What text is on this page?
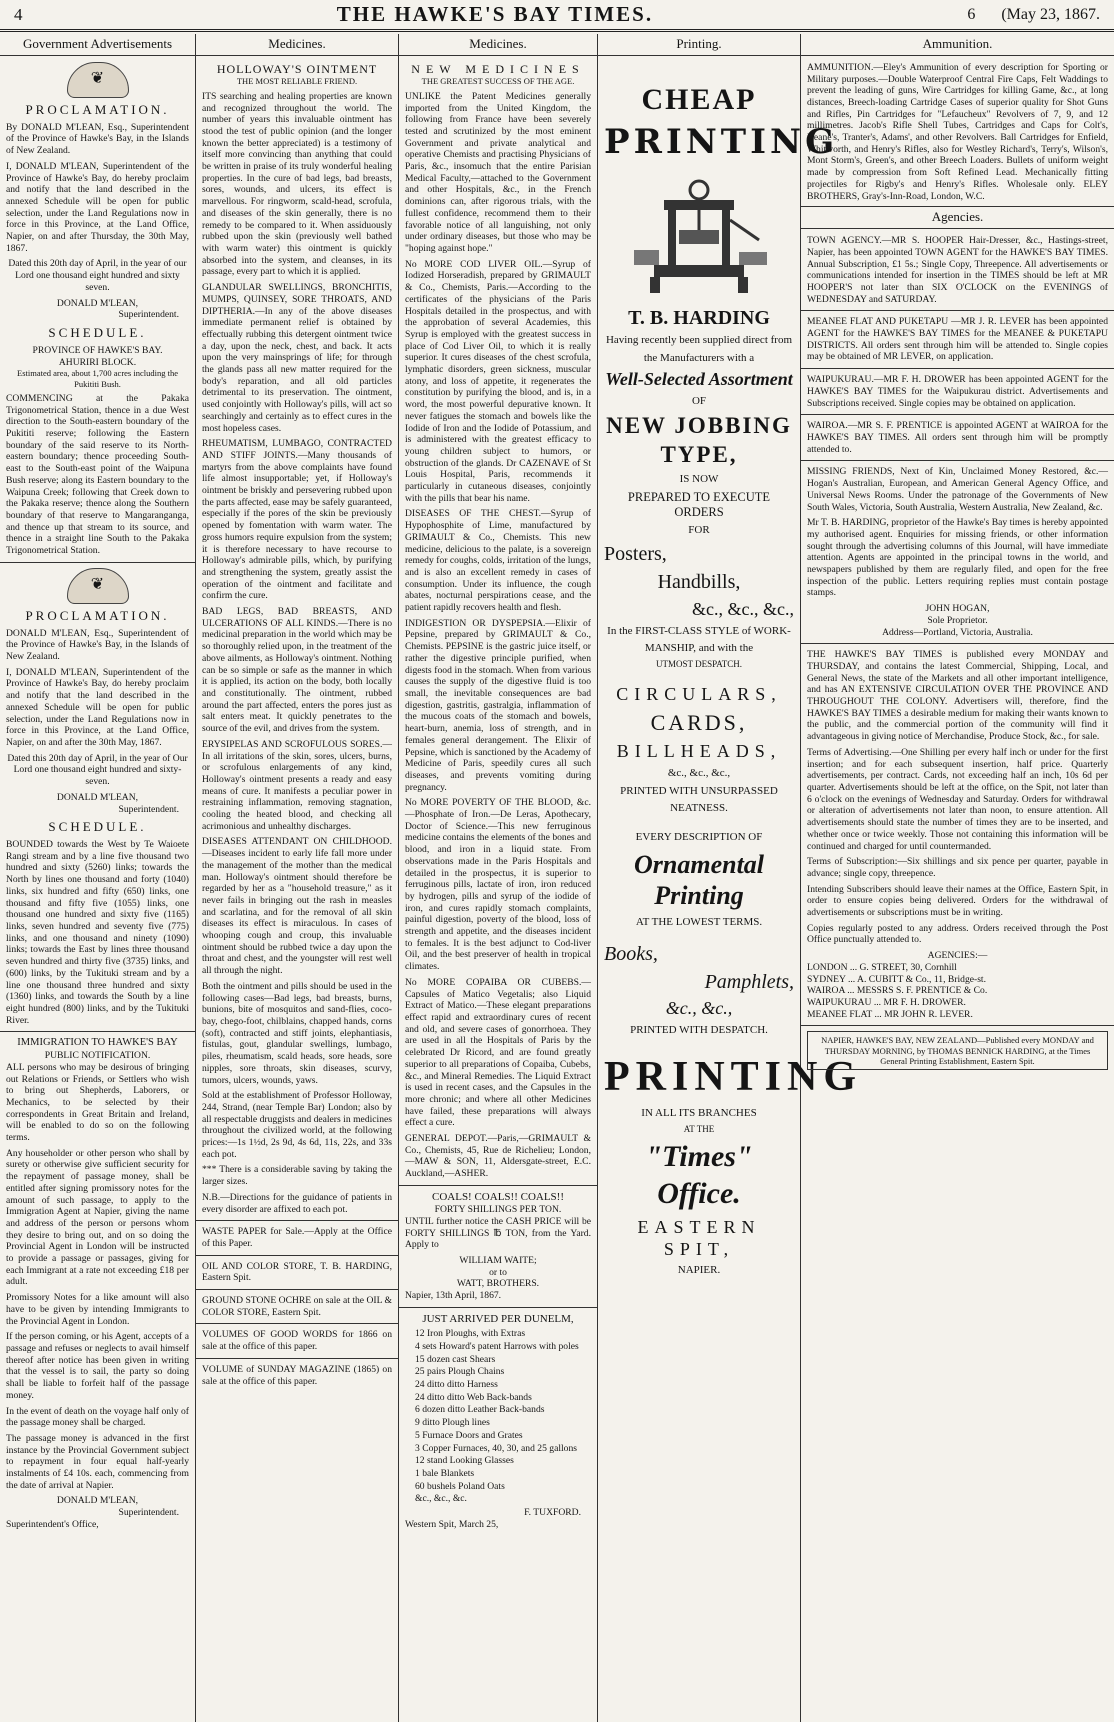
4	THE HAWKE'S BAY TIMES.	6 (May 23, 1867.
Government Advertisements
❦
PROCLAMATION.

By DONALD M'LEAN, Esq., Superintendent of the Province of Hawke's Bay, in the Islands of New Zealand.

I, DONALD M'LEAN, Superintendent of the Province of Hawke's Bay, do hereby proclaim and notify that the land described in the annexed Schedule will be open for public selection, under the Land Regulations now in force in this Province, at the Land Office, Napier, on and after Thursday, the 30th May, 1867.

Dated this 20th day of April, in the year of our Lord one thousand eight hundred and sixty seven.

DONALD M'LEAN,
Superintendent.
SCHEDULE.
PROVINCE OF HAWKE'S BAY.
AHURIRI BLOCK.

Estimated area, about 1,700 acres including the Pukititi Bush.

COMMENCING at the Pakaka Trigonometrical Station, thence in a due West direction to the South-eastern boundary of the Pukititi reserve; following the Eastern boundary of the said reserve to its North-eastern boundary; thence proceeding South-east to the South-east point of the Waipuna Bush reserve; along its Eastern boundary to the Waipuna Creek; following that Creek down to the Pakaka reserve; thence along the Southern boundary of that reserve to Mangaranganga, and thence up that stream to its source, and thence in a straight line South to the Pakaka Trigonometrical Station.

❦
PROCLAMATION.

DONALD M'LEAN, Esq., Superintendent of the Province of Hawke's Bay, in the Islands of New Zealand.

I, DONALD M'LEAN, Superintendent of the Province of Hawke's Bay, do hereby proclaim and notify that the land described in the annexed Schedule will be open for public selection, under the Land Regulations now in force in this Province, at the Land Office, Napier, on and after the 30th May, 1867.

Dated this 20th day of April, in the year of Our Lord one thousand eight hundred and sixty-seven.

DONALD M'LEAN,
Superintendent.
SCHEDULE.

BOUNDED towards the West by Te Waioete Rangi stream and by a line five thousand two hundred and sixty (5260) links; towards the North by lines one thousand and forty (1040) links, six hundred and fifty (650) links, one thousand and fifty five (1055) links, one thousand one hundred and sixty five (1165) links, seven hundred and seventy five (775) links, and one thousand and ninety (1090) links; towards the East by lines three thousand seven hundred and thirty five (3735) links, and (600) links, by the Tukituki stream and by a line one thousand three hundred and sixty (1360) links, and towards the South by a line eight hundred (800) links, and by the Tukituki River.

IMMIGRATION TO HAWKE'S BAY
PUBLIC NOTIFICATION.

ALL persons who may be desirous of bringing out Relations or Friends, or Settlers who wish to bring out Shepherds, Laborers, or Mechanics, to be selected by their correspondents in Great Britain and Ireland, will be enabled to do so on the following terms.

Any householder or other person who shall by surety or otherwise give sufficient security for the repayment of passage money, shall be entitled after signing promissory notes for the amount of such passage, to apply to the Immigration Agent at Napier, giving the name and address of the person or persons whom they desire to bring out, and on so doing the Provincial Agent in London will be instructed to provide a passage or passages, giving for each Immigrant at a rate not exceeding £18 per adult.

Promissory Notes for a like amount will also have to be given by intending Immigrants to the Provincial Agent in London.

If the person coming, or his Agent, accepts of a passage and refuses or neglects to avail himself thereof after notice has been given in writing that the vessel is to sail, the party so doing shall be liable to forfeit half of the passage money.

In the event of death on the voyage half only of the passage money shall be charged.

The passage money is advanced in the first instance by the Provincial Government subject to repayment in four equal half-yearly instalments of £4 10s. each, commencing from the date of arrival at Napier.

DONALD M'LEAN,
Superintendent.
Superintendent's Office,
Medicines.
HOLLOWAY'S OINTMENT
THE MOST RELIABLE FRIEND.

ITS searching and healing properties are known and recognized throughout the world. The number of years this invaluable ointment has stood the test of public opinion (and the longer known the better appreciated) is a testimony of itself more convincing than anything that could be written in praise of its truly wonderful healing properties. In the cure of bad legs, bad breasts, sores, wounds, and ulcers, its effect is marvellous. For ringworm, scald-head, scrofula, and diseases of the skin generally, there is no remedy to be compared to it. When assiduously rubbed upon the skin (previously well bathed with warm water) this ointment is quickly absorbed into the system, and cleanses, in its passage, every part to which it is applied.

GLANDULAR SWELLINGS, BRONCHITIS, MUMPS, QUINSEY, SORE THROATS, AND DIPTHERIA.—In any of the above diseases immediate permanent relief is obtained by effectually rubbing this detergent ointment twice a day, upon the neck, chest, and back. It acts upon the very mainsprings of life; for through the glands pass all new matter required for the body's reparation, and all old particles detrimental to its preservation. The ointment, used conjointly with Holloway's pills, will act so searchingly and certainly as to effect cures in the most hopeless cases.

RHEUMATISM, LUMBAGO, CONTRACTED AND STIFF JOINTS.—Many thousands of martyrs from the above complaints have found life almost insupportable; yet, if Holloway's ointment be briskly and persevering rubbed upon the parts affected, ease may be safely guaranteed, especially if the pores of the skin be previously opened by fomentation with warm water. The gross humors require expulsion from the system; it is therefore necessary to have recourse to Holloway's admirable pills, which, by purifying and strengthening the system, greatly assist the operation of the ointment and facilitate and confirm the cure.

BAD LEGS, BAD BREASTS, AND ULCERATIONS OF ALL KINDS.—There is no medicinal preparation in the world which may be so thoroughly relied upon, in the treatment of the above ailments, as Holloway's ointment. Nothing can be so simple or safe as the manner in which it is applied, its action on the body, both locally and constitutionally. The ointment, rubbed around the part affected, enters the pores just as salt enters meat. It quickly penetrates to the source of the evil, and drives from the system.

ERYSIPELAS AND SCROFULOUS SORES.—In all irritations of the skin, sores, ulcers, burns, or scrofulous enlargements of any kind, Holloway's ointment presents a ready and easy means of cure. It manifests a peculiar power in restraining inflammation, removing stagnation, cooling the heated blood, and checking all acrimonious and unhealthy discharges.

DISEASES ATTENDANT ON CHILDHOOD.—Diseases incident to early life fall more under the management of the mother than the medical man. Holloway's ointment should therefore be regarded by her as a "household treasure," as it never fails in bringing out the rash in measles and scarlatina, and for the removal of all skin diseases its effect is miraculous. In cases of whooping cough and croup, this invaluable ointment should be rubbed twice a day upon the throat and chest, and the youngster will rest well all through the night.

Both the ointment and pills should be used in the following cases—Bad legs, bad breasts, burns, bunions, bite of mosquitos and sand-flies, coco-bay, chego-foot, chilblains, chapped hands, corns (soft), contracted and stiff joints, elephantiasis, fistulas, gout, glandular swellings, lumbago, piles, rheumatism, scald heads, sore heads, sore nipples, sore throats, skin diseases, scurvy, tumors, ulcers, wounds, yaws.

Sold at the establishment of Professor Holloway, 244, Strand, (near Temple Bar) London; also by all respectable druggists and dealers in medicines throughout the civilized world, at the following prices:—1s 1½d, 2s 9d, 4s 6d, 11s, 22s, and 33s each pot.

*** There is a considerable saving by taking the larger sizes.

N.B.—Directions for the guidance of patients in every disorder are affixed to each pot.

WASTE PAPER for Sale.—Apply at the Office of this Paper.

OIL AND COLOR STORE, T. B. HARDING, Eastern Spit.

GROUND STONE OCHRE on sale at the OIL & COLOR STORE, Eastern Spit.

VOLUMES OF GOOD WORDS for 1866 on sale at the office of this paper.

VOLUME of SUNDAY MAGAZINE (1865) on sale at the office of this paper.

Medicines.
NEW MEDICINES
THE GREATEST SUCCESS OF THE AGE.

UNLIKE the Patent Medicines generally imported from the United Kingdom, the following from France have been severely tested and scrutinized by the most eminent Government and private analytical and operative Chemists and practising Physicians of Paris, &c., insomuch that the entire Parisian Medical Faculty,—attached to the Government and other Hospitals, &c., in the French dominions can, after rigorous trials, with the fullest confidence, recommend them to their favorable notice of all languishing, not only under ordinary diseases, but those who may be "hoping against hope."

No MORE COD LIVER OIL.—Syrup of Iodized Horseradish, prepared by GRIMAULT & Co., Chemists, Paris.—According to the certificates of the physicians of the Paris Hospitals detailed in the prospectus, and with the approbation of several Academies, this Syrup is employed with the greatest success in place of Cod Liver Oil, to which it is really superior. It cures diseases of the chest scrofula, lymphatic disorders, green sickness, muscular atony, and loss of appetite, it regenerates the constitution by purifying the blood, and is, in a word, the most powerful depurative known. It never fatigues the stomach and bowels like the Iodide of Iron and the Iodide of Potassium, and is administered with the greatest efficacy to young children subject to humors, or obstruction of the glands. Dr CAZENAVE of St Louis Hospital, Paris, recommends it particularly in cutaneous diseases, conjointly with the pills that bear his name.

DISEASES OF THE CHEST.—Syrup of Hypophosphite of Lime, manufactured by GRIMAULT & Co., Chemists. This new medicine, delicious to the palate, is a sovereign remedy for coughs, colds, irritation of the lungs, and is also an excellent remedy in cases of consumption. Under its influence, the cough abates, nocturnal perspirations cease, and the patient rapidly recovers health and flesh.

INDIGESTION OR DYSPEPSIA.—Elixir of Pepsine, prepared by GRIMAULT & Co., Chemists. PEPSINE is the gastric juice itself, or rather the digestive principle purified, when digests food in the stomach. When from various causes the supply of the digestive fluid is too small, the inevitable consequences are bad digestion, gastritis, gastralgia, inflammation of the mucous coats of the stomach and bowels, heart-burn, anemia, loss of strength, and in females general derangement. The Elixir of Pepsine, which is sanctioned by the Academy of Medicine of Paris, speedily cures all such diseases, and prevents vomiting during pregnancy.

No MORE POVERTY OF THE BLOOD, &c.—Phosphate of Iron.—De Leras, Apothecary, Doctor of Science.—This new ferruginous medicine contains the elements of the bones and blood, and iron in a liquid state. From observations made in the Paris Hospitals and detailed in the prospectus, it is superior to ferruginous pills, lactate of iron, iron reduced by hydrogen, pills and syrup of the iodide of iron, and cures rapidly stomach complaints, painful digestion, poverty of the blood, loss of strength and appetite, and the diseases incident to females. It is the best adjunct to Cod-liver Oil, and the best preserver of health in tropical climates.

No MORE COPAIBA OR CUBEBS.—Capsules of Matico Vegetalis; also Liquid Extract of Matico.—These elegant preparations effect rapid and extraordinary cures of recent and old, and severe cases of gonorrhoea. They are used in all the Hospitals of Paris by the celebrated Dr Ricord, and are found greatly superior to all preparations of Copaiba, Cubebs, &c., and Mineral Remedies. The Liquid Extract is used in recent cases, and the Capsules in the more chronic; and where all other Medicines have failed, these preparations will always effect a cure.

GENERAL DEPOT.—Paris,—GRIMAULT & Co., Chemists, 45, Rue de Richelieu; London,—MAW & SON, 11, Aldersgate-street, E.C. Auckland,—ASHER.

COALS! COALS!! COALS!!
FORTY SHILLINGS PER TON.

UNTIL further notice the CASH PRICE will be FORTY SHILLINGS ℔ TON, from the Yard. Apply to

WILLIAM WAITE;
or to
WATT, BROTHERS.
Napier, 13th April, 1867.
JUST ARRIVED PER DUNELM,
12 Iron Ploughs, with Extras
4 sets Howard's patent Harrows with poles
15 dozen cast Shears
25 pairs Plough Chains
24 ditto ditto Harness
24 ditto ditto Web Back-bands
6 dozen ditto Leather Back-bands
9 ditto Plough lines
5 Furnace Doors and Grates
3 Copper Furnaces, 40, 30, and 25 gallons
12 stand Looking Glasses
1 bale Blankets
60 bushels Poland Oats
&c., &c., &c.
F. TUXFORD.
Western Spit, March 25,
Printing.
CHEAP
PRINTING
T. B. HARDING
Having recently been supplied direct from
the Manufacturers with a
Well-Selected Assortment
OF
NEW JOBBING TYPE,
IS NOW
PREPARED TO EXECUTE ORDERS
FOR
Posters,
Handbills,
&c., &c., &c.,
In the FIRST-CLASS STYLE of WORK-
MANSHIP, and with the
UTMOST DESPATCH.
CIRCULARS,
CARDS,
BILLHEADS,
&c., &c., &c.,
PRINTED WITH UNSURPASSED
NEATNESS.
EVERY DESCRIPTION OF
Ornamental Printing
AT THE LOWEST TERMS.
Books,
Pamphlets,
&c., &c.,
PRINTED WITH DESPATCH.
PRINTING
IN ALL ITS BRANCHES
AT THE
"Times" Office.
EASTERN SPIT,
NAPIER.
Ammunition.

AMMUNITION.—Eley's Ammunition of every description for Sporting or Military purposes.—Double Waterproof Central Fire Caps, Felt Waddings to prevent the leading of guns, Wire Cartridges for killing Game, &c., at long distances, Breech-loading Cartridge Cases of superior quality for Shot Guns and Rifles, Pin Cartridges for "Lefaucheux" Revolvers of 7, 9, and 12 millimetres. Jacob's Rifle Shell Tubes, Cartridges and Caps for Colt's, Deane's, Tranter's, Adams', and other Revolvers. Ball Cartridges for Enfield, Whitworth, and Henry's Rifles, also for Westley Richard's, Terry's, Wilson's, Mont Storm's, Green's, and other Breech Loaders. Bullets of uniform weight made by compression from Soft Refined Lead. Mechanically fitting projectiles for Rigby's and Henry's Rifles. Wholesale only. ELEY BROTHERS, Gray's-Inn-Road, London, W.C.

Agencies.

TOWN AGENCY.—MR S. HOOPER Hair-Dresser, &c., Hastings-street, Napier, has been appointed TOWN AGENT for the HAWKE'S BAY TIMES. Annual Subscription, £1 5s.; Single Copy, Threepence. All advertisements or communications intended for insertion in the TIMES should be left at MR HOOPER'S not later than SIX O'CLOCK on the EVENINGS of WEDNESDAY and SATURDAY.

MEANEE FLAT AND PUKETAPU —MR J. R. LEVER has been appointed AGENT for the HAWKE'S BAY TIMES for the MEANEE & PUKETAPU DISTRICTS. All orders sent through him will be attended to. Single copies may be obtained of MR LEVER, on application.

WAIPUKURAU.—MR F. H. DROWER has been appointed AGENT for the HAWKE'S BAY TIMES for the Waipukurau district. Advertisements and Subscriptions received. Single copies may be obtained on application.

WAIROA.—MR S. F. PRENTICE is appointed AGENT at WAIROA for the HAWKE'S BAY TIMES. All orders sent through him will be promptly attended to.

MISSING FRIENDS, Next of Kin, Unclaimed Money Restored, &c.—Hogan's Australian, European, and American General Agency Office, and Universal News Rooms. Under the patronage of the Governments of New South Wales, Victoria, South Australia, Western Australia, New Zealand, &c.

Mr T. B. HARDING, proprietor of the Hawke's Bay times is hereby appointed my authorised agent. Enquiries for missing friends, or other information sought through the advertising columns of this Journal, will have immediate attention. Agents are appointed in the principal towns in the world, and newspapers published by them are regularly filed, and open for the free inspection of the public. Letters requiring replies must contain postage stamps.

JOHN HOGAN,
Sole Proprietor.
Address—Portland, Victoria, Australia.

THE HAWKE'S BAY TIMES is published every MONDAY and THURSDAY, and contains the latest Commercial, Shipping, Local, and General News, the state of the Markets and all other important intelligence, and has AN EXTENSIVE CIRCULATION OVER THE PROVINCE AND THROUGHOUT THE COLONY. Advertisers will, therefore, find the HAWKE'S BAY TIMES a desirable medium for making their wants known to the public, and the commercial portion of the community will find it advantageous in giving notice of Merchandise, Produce Stock, &c., for sale.

Terms of Advertising.—One Shilling per every half inch or under for the first insertion; and for each subsequent insertion, half price. Quarterly advertisements, per contract. Cards, not exceeding half an inch, 10s 6d per quarter. Advertisements should be left at the office, on the Spit, not later than 6 o'clock on the evenings of Wednesday and Saturday. Orders for withdrawal or alteration of advertisements not later than noon, to ensure attention. All advertisements should state the number of times they are to be inserted, and whether once or twice weekly. Those not containing this information will be continued and charged for until countermanded.

Terms of Subscription:—Six shillings and six pence per quarter, payable in advance; single copy, threepence.

Intending Subscribers should leave their names at the Office, Eastern Spit, in order to ensure copies being delivered. Orders for the withdrawal of advertisements or subscriptions must be in writing.

Copies regularly posted to any address. Orders received through the Post Office punctually attended to.

AGENCIES:—
LONDON ... G. STREET, 30, Cornhill
SYDNEY ... A. CUBITT & Co., 11, Bridge-st.
WAIROA ... MESSRS S. F. PRENTICE & Co.
WAIPUKURAU ... MR F. H. DROWER.
MEANEE FLAT ... MR JOHN R. LEVER.
NAPIER, HAWKE'S BAY, NEW ZEALAND—Published every MONDAY and THURSDAY MORNING, by THOMAS BENNICK HARDING, at the Times General Printing Establishment, Eastern Spit.
